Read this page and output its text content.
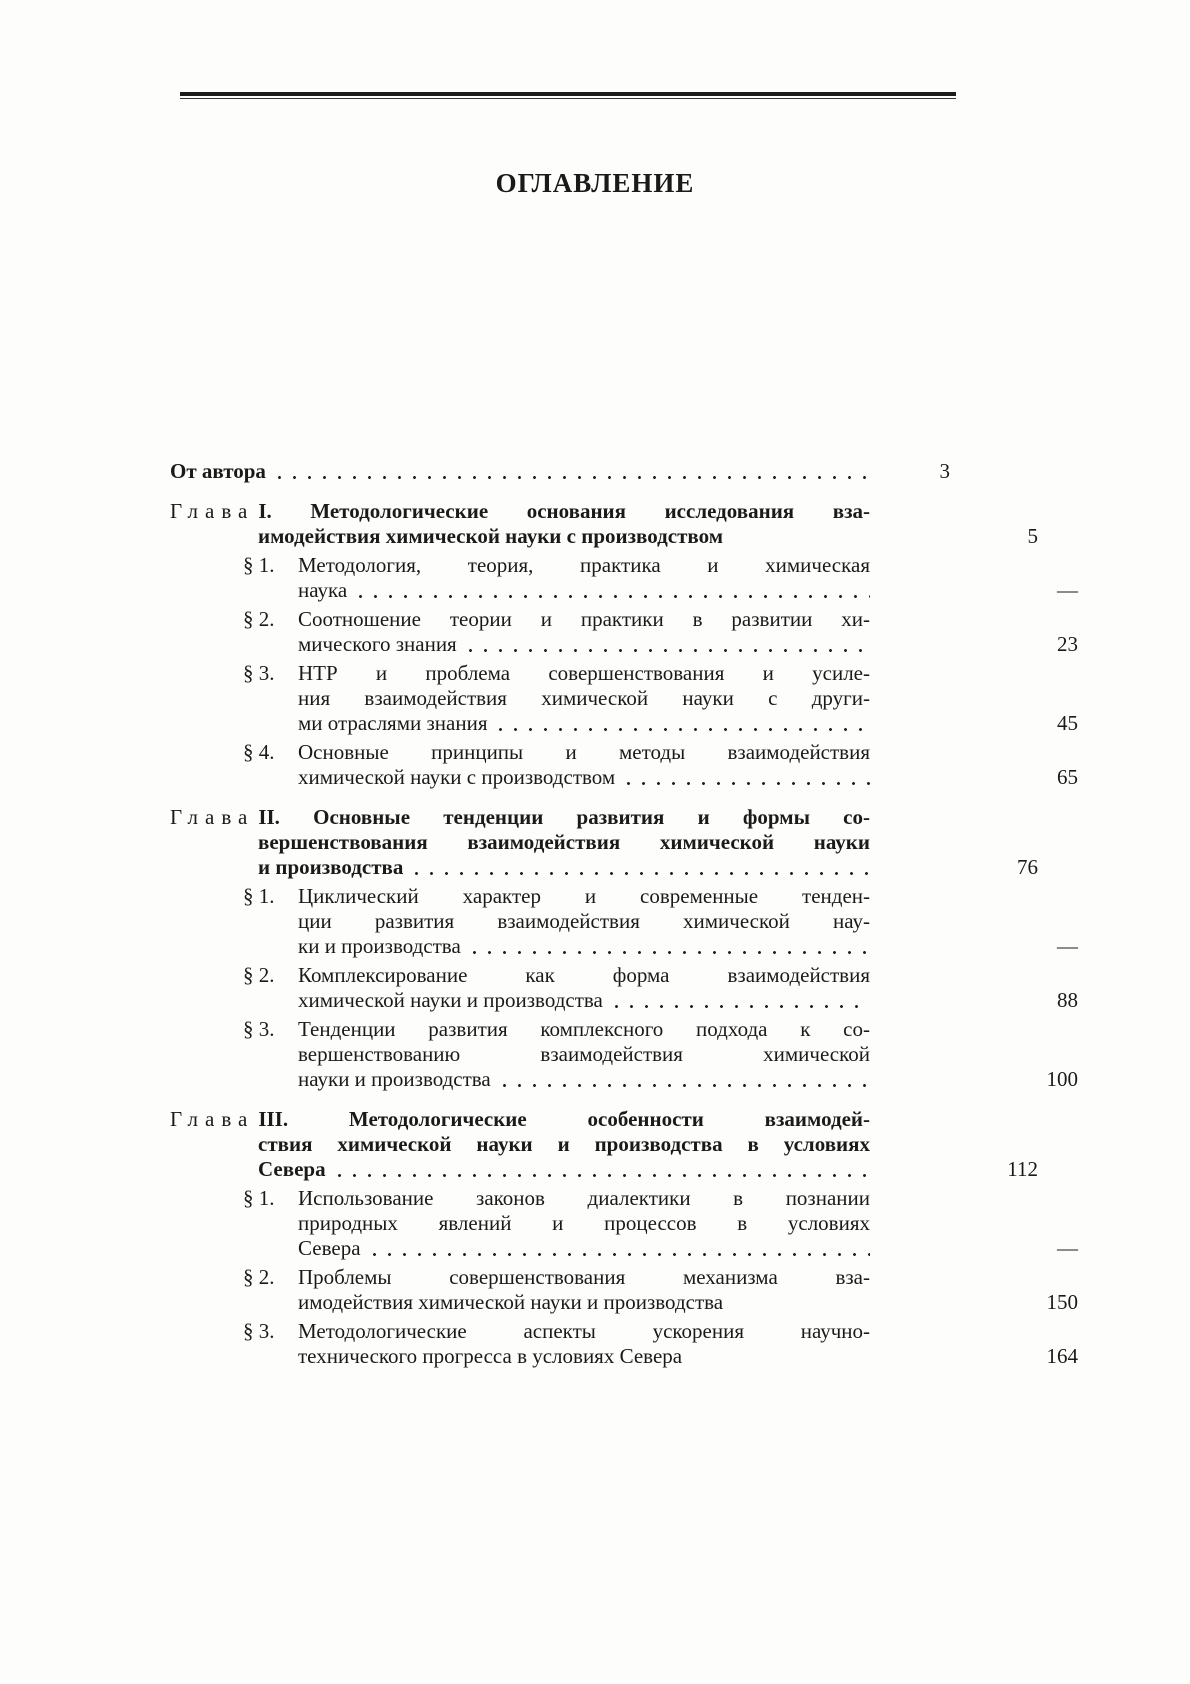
ОГЛАВЛЕНИЕ
От автора	3
Глава I. Методологические основания исследования вза-
имодействия химической науки с производством	5
§ 1. Методология, теория, практика и химическая
наука	—
§ 2. Соотношение теории и практики в развитии хи-
мического знания	23
§ 3. НТР и проблема совершенствования и усиле-
ния взаимодействия химической науки с други-
ми отраслями знания	45
§ 4. Основные принципы и методы взаимодействия
химической науки с производством	65
Глава II. Основные тенденции развития и формы со-
вершенствования взаимодействия химической науки
и производства	76
§ 1. Циклический характер и современные тенден-
ции развития взаимодействия химической нау-
ки и производства	—
§ 2. Комплексирование как форма взаимодействия
химической науки и производства	88
§ 3. Тенденции развития комплексного подхода к со-
вершенствованию взаимодействия химической
науки и производства	100
Глава III. Методологические особенности взаимодей-
ствия химической науки и производства в условиях
Севера	112
§ 1. Использование законов диалектики в познании
природных явлений и процессов в условиях
Севера	—
§ 2. Проблемы совершенствования механизма вза-
имодействия химической науки и производства	150
§ 3. Методологические аспекты ускорения научно-
технического прогресса в условиях Севера	164
